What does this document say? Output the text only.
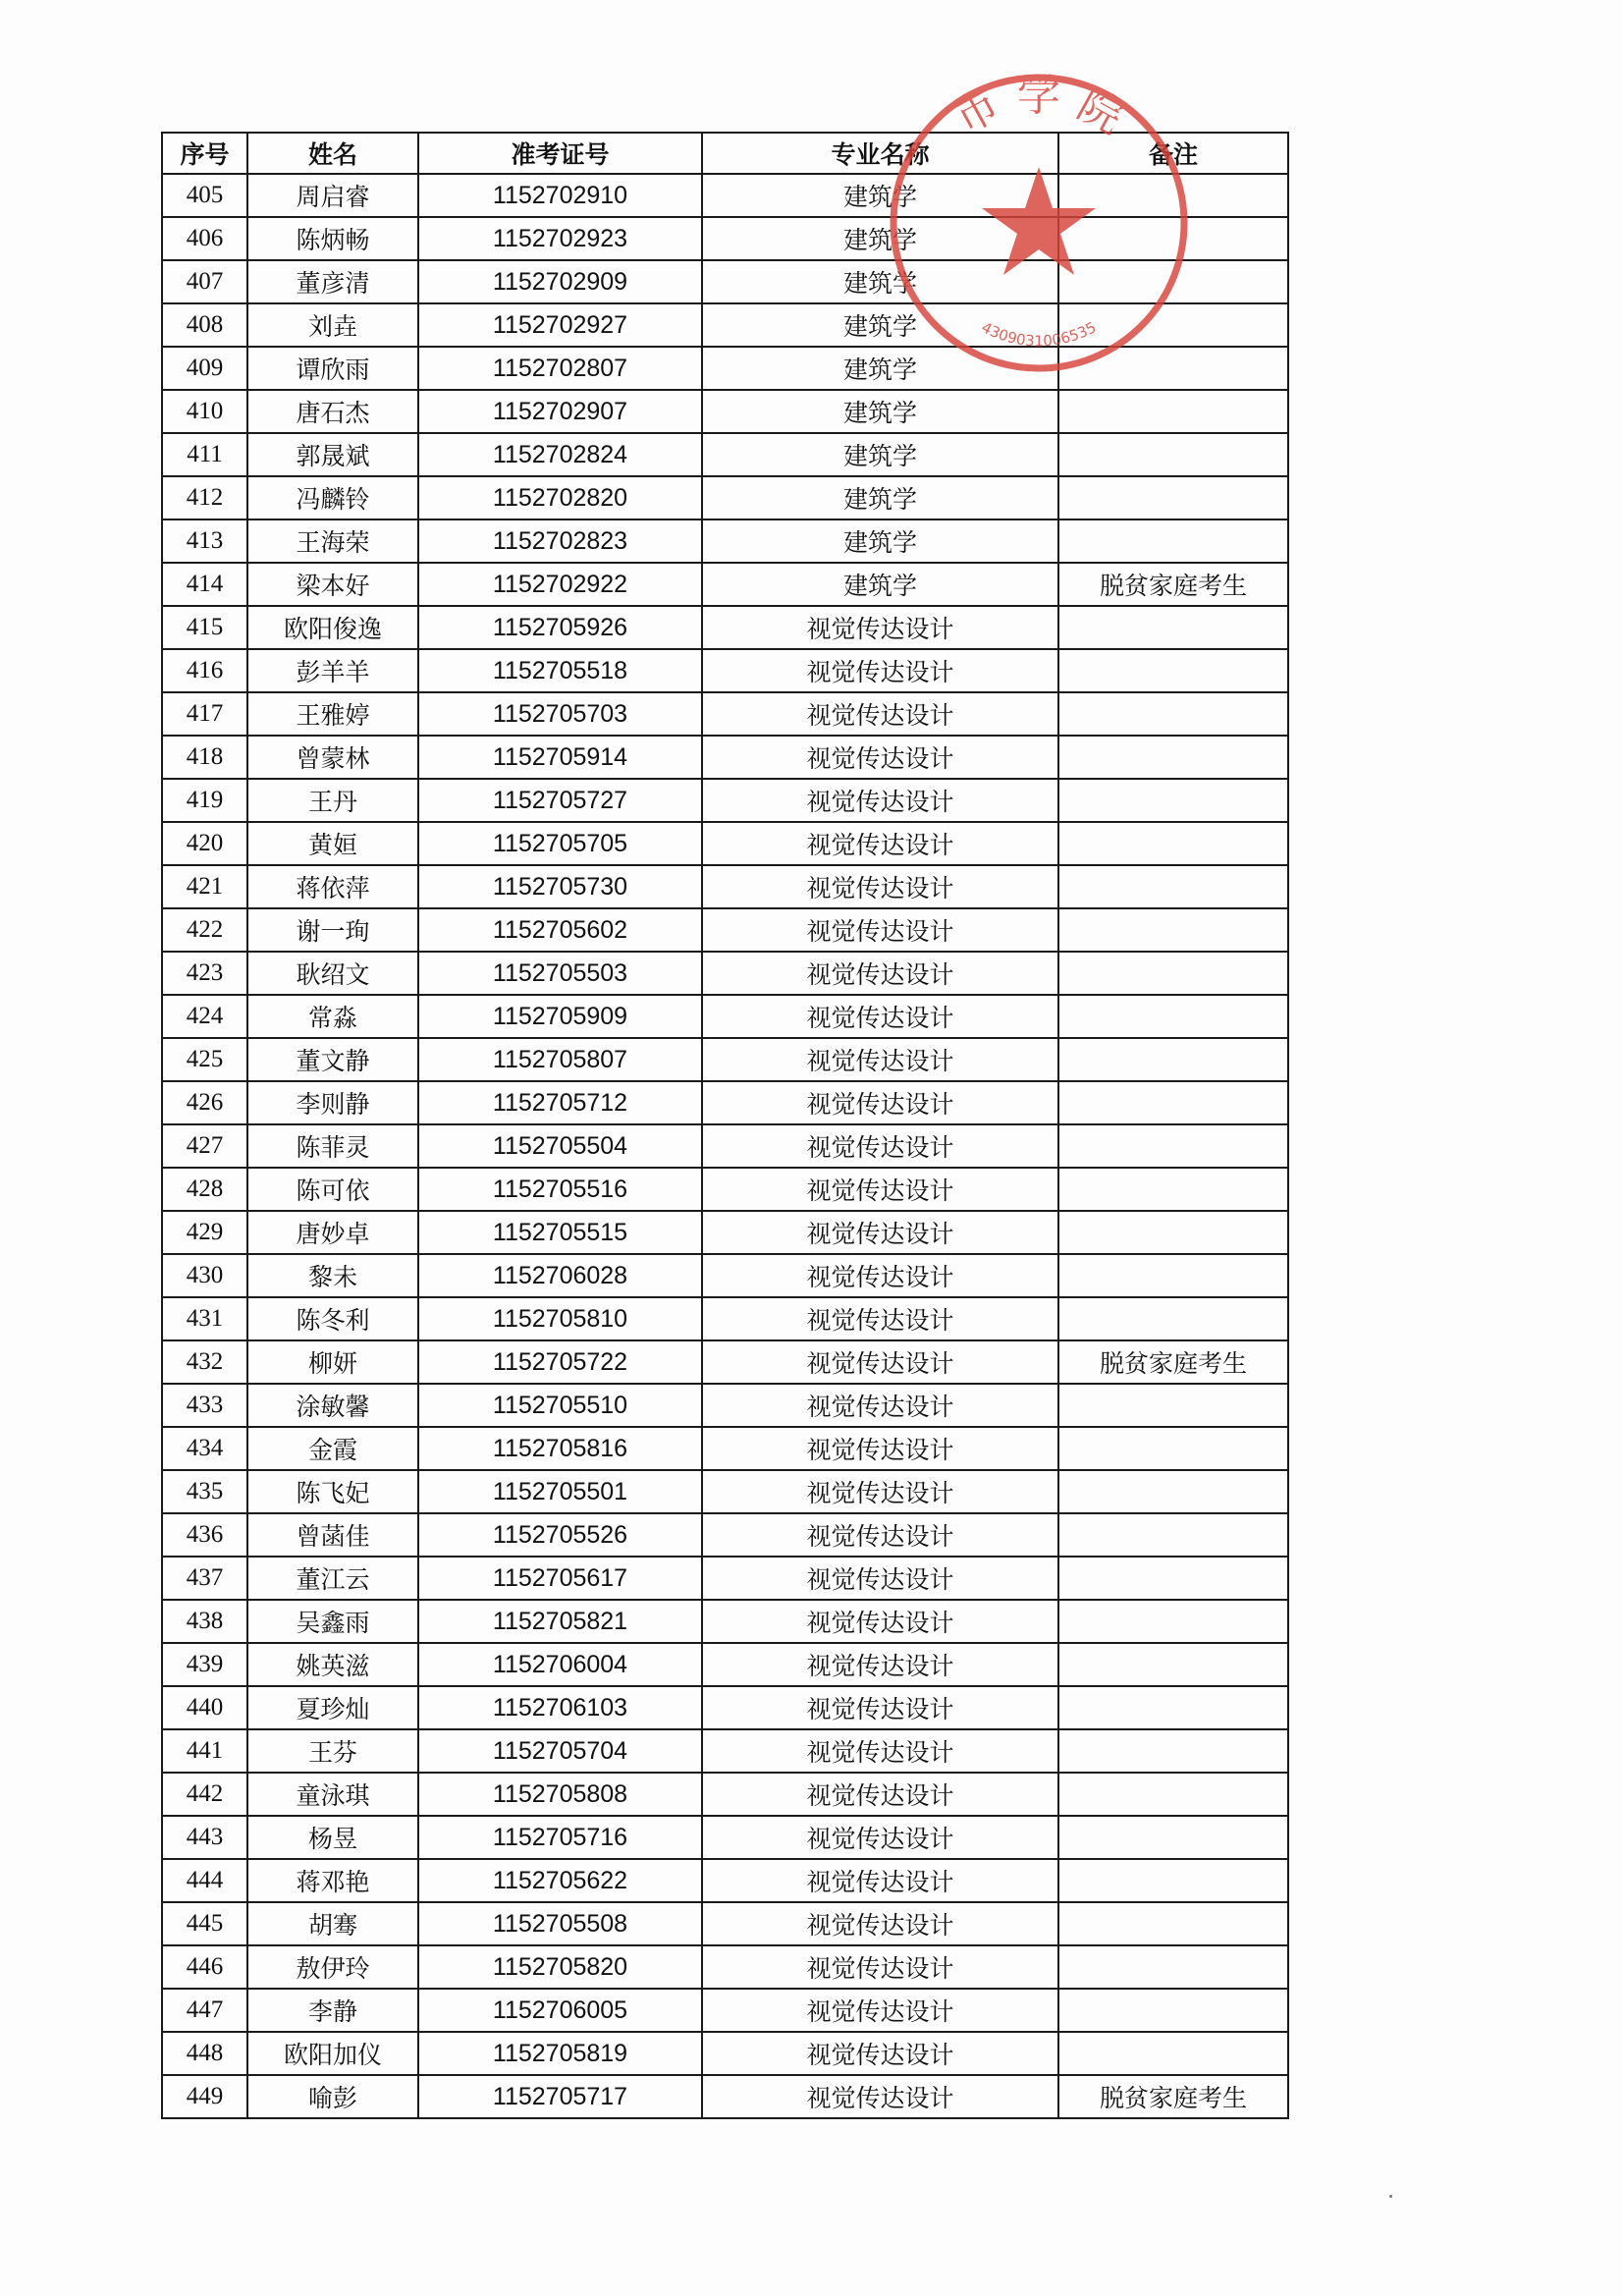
序号	姓名	准考证号	专业名称	备注
405	周启睿	1152702910	建筑学	
406	陈炳畅	1152702923	建筑学	
407	董彦清	1152702909	建筑学	
408	刘垚	1152702927	建筑学	
409	谭欣雨	1152702807	建筑学	
410	唐石杰	1152702907	建筑学	
411	郭晟斌	1152702824	建筑学	
412	冯麟铃	1152702820	建筑学	
413	王海荣	1152702823	建筑学	
414	梁本好	1152702922	建筑学	脱贫家庭考生
415	欧阳俊逸	1152705926	视觉传达设计	
416	彭羊羊	1152705518	视觉传达设计	
417	王雅婷	1152705703	视觉传达设计	
418	曾蒙林	1152705914	视觉传达设计	
419	王丹	1152705727	视觉传达设计	
420	黄姮	1152705705	视觉传达设计	
421	蒋依萍	1152705730	视觉传达设计	
422	谢一珣	1152705602	视觉传达设计	
423	耿绍文	1152705503	视觉传达设计	
424	常淼	1152705909	视觉传达设计	
425	董文静	1152705807	视觉传达设计	
426	李则静	1152705712	视觉传达设计	
427	陈菲灵	1152705504	视觉传达设计	
428	陈可依	1152705516	视觉传达设计	
429	唐妙卓	1152705515	视觉传达设计	
430	黎未	1152706028	视觉传达设计	
431	陈冬利	1152705810	视觉传达设计	
432	柳妍	1152705722	视觉传达设计	脱贫家庭考生
433	涂敏馨	1152705510	视觉传达设计	
434	金霞	1152705816	视觉传达设计	
435	陈飞妃	1152705501	视觉传达设计	
436	曾菡佳	1152705526	视觉传达设计	
437	董江云	1152705617	视觉传达设计	
438	吴鑫雨	1152705821	视觉传达设计	
439	姚英滋	1152706004	视觉传达设计	
440	夏珍灿	1152706103	视觉传达设计	
441	王芬	1152705704	视觉传达设计	
442	童泳琪	1152705808	视觉传达设计	
443	杨昱	1152705716	视觉传达设计	
444	蒋邓艳	1152705622	视觉传达设计	
445	胡骞	1152705508	视觉传达设计	
446	敖伊玲	1152705820	视觉传达设计	
447	李静	1152706005	视觉传达设计	
448	欧阳加仪	1152705819	视觉传达设计	
449	喻彭	1152705717	视觉传达设计	脱贫家庭考生
市 学 院
4309031006535
